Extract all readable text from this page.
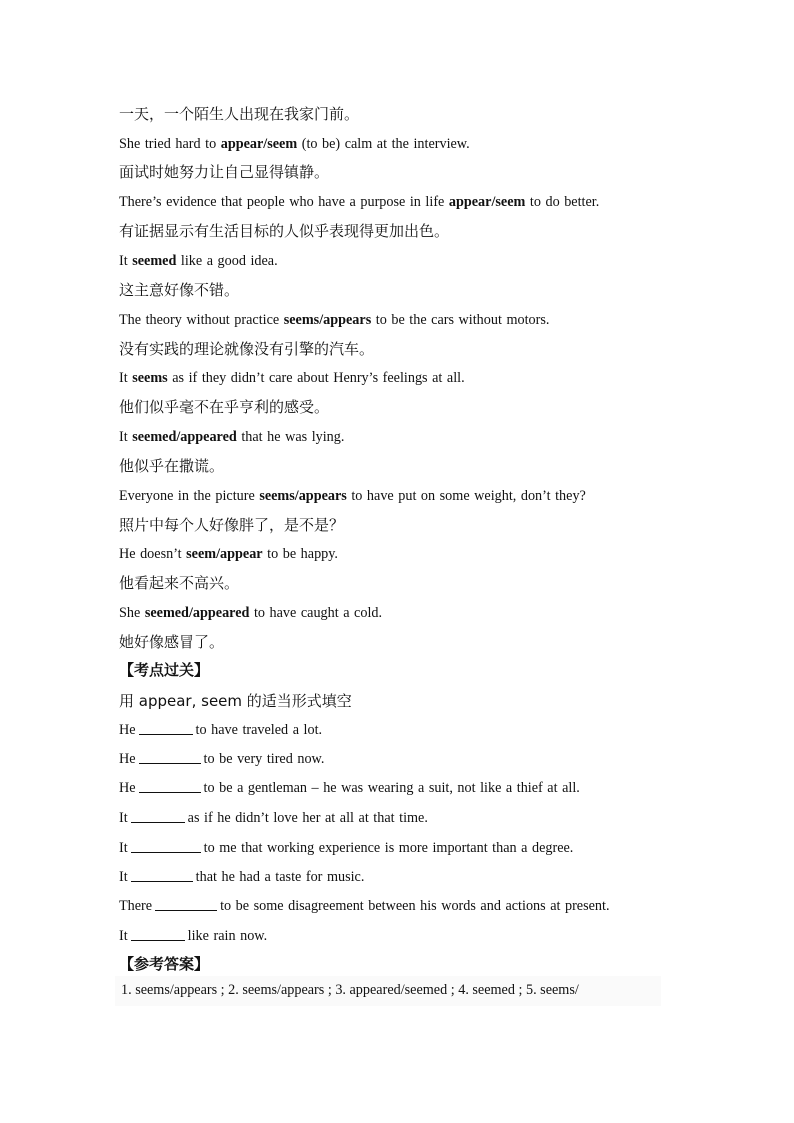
一天，一个陌生人出现在我家门前。
She tried hard to appear/seem (to be) calm at the interview.
面试时她努力让自己显得镇静。
There’s evidence that people who have a purpose in life appear/seem to do better.
有证据显示有生活目标的人似乎表现得更加出色。
It seemed like a good idea.
这主意好像不错。
The theory without practice seems/appears to be the cars without motors.
没有实践的理论就像没有引擎的汽车。
It seems as if they didn’t care about Henry’s feelings at all.
他们似乎毫不在乎亨利的感受。
It seemed/appeared that he was lying.
他似乎在撒谎。
Everyone in the picture seems/appears to have put on some weight, don’t they?
照片中每个人好像胖了，是不是？
He doesn’t seem/appear to be happy.
他看起来不高兴。
She seemed/appeared to have caught a cold.
她好像感冒了。
【考点过关】
用 appear, seem 的适当形式填空
He	to have traveled a lot.
He	to be very tired now.
He	to be a gentleman – he was wearing a suit, not like a thief at all.
It	as if he didn’t love her at all at that time.
It	to me that working experience is more important than a degree.
It	that he had a taste for music.
There	to be some disagreement between his words and actions at present.
It	like rain now.
【参考答案】
1. seems/appears ; 2. seems/appears ; 3. appeared/seemed ; 4. seemed ; 5. seems/
